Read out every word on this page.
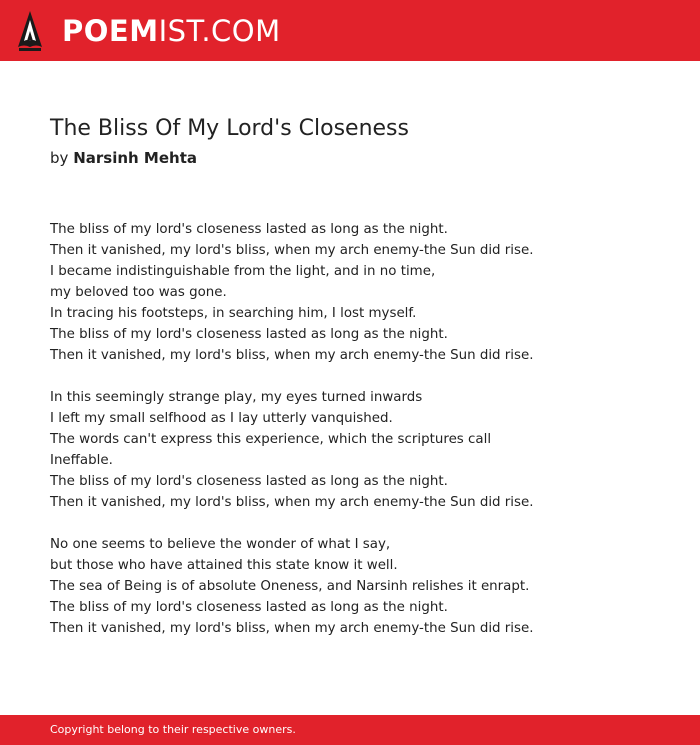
POEMIST.COM
The Bliss Of My Lord's Closeness
by Narsinh Mehta

The bliss of my lord's closeness lasted as long as the night.
Then it vanished, my lord's bliss, when my arch enemy-the Sun did rise.
I became indistinguishable from the light, and in no time,
my beloved too was gone.
In tracing his footsteps, in searching him, I lost myself.
The bliss of my lord's closeness lasted as long as the night.
Then it vanished, my lord's bliss, when my arch enemy-the Sun did rise.

In this seemingly strange play, my eyes turned inwards
I left my small selfhood as I lay utterly vanquished.
The words can't express this experience, which the scriptures call
Ineffable.
The bliss of my lord's closeness lasted as long as the night.
Then it vanished, my lord's bliss, when my arch enemy-the Sun did rise.

No one seems to believe the wonder of what I say,
but those who have attained this state know it well.
The sea of Being is of absolute Oneness, and Narsinh relishes it enrapt.
The bliss of my lord's closeness lasted as long as the night.
Then it vanished, my lord's bliss, when my arch enemy-the Sun did rise.

Copyright belong to their respective owners.
